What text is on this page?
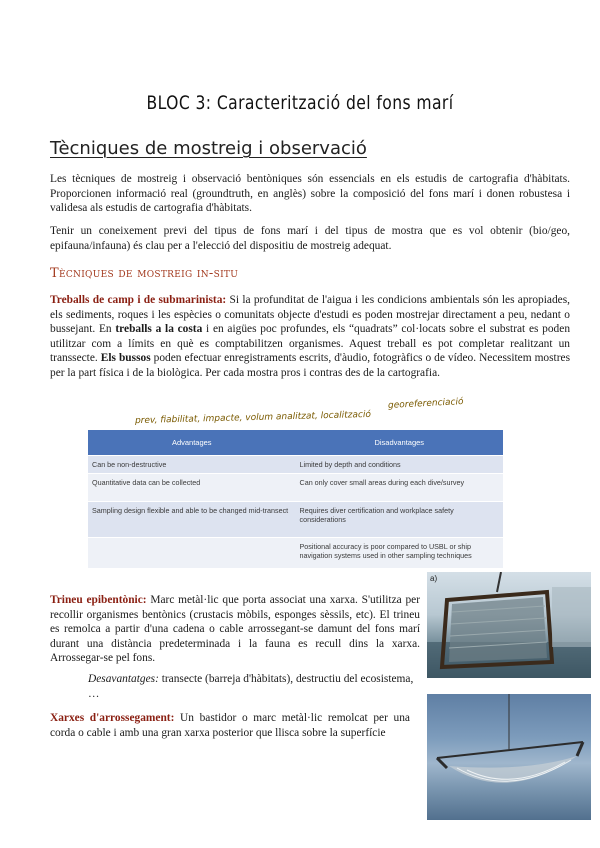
BLOC 3: Caracterització del fons marí
Tècniques de mostreig i observació
Les tècniques de mostreig i observació bentòniques són essencials en els estudis de cartografia d'hàbitats. Proporcionen informació real (groundtruth, en anglès) sobre la composició del fons marí i donen robustesa i validesa als estudis de cartografia d'hàbitats.
Tenir un coneixement previ del tipus de fons marí i del tipus de mostra que es vol obtenir (bio/geo, epifauna/infauna) és clau per a l'elecció del dispositiu de mostreig adequat.
Tècniques de mostreig in-situ
Treballs de camp i de submarinista: Si la profunditat de l'aigua i les condicions ambientals són les apropiades, els sediments, roques i les espècies o comunitats objecte d'estudi es poden mostrejar directament a peu, nedant o bussejant. En treballs a la costa i en aigües poc profundes, els “quadrats” col·locats sobre el substrat es poden utilitzar com a límits en què es comptabilitzen organismes. Aquest treball es pot completar realitzant un transsecte. Els bussos poden efectuar enregistraments escrits, d'àudio, fotogràfics o de vídeo. Necessitem mostres per la part física i de la biològica. Per cada mostra pros i contras des de la cartografia.
prev, fiabilitat, impacte, volum analitzat, localització
georeferenciació
Advantages	Disadvantages
Can be non-destructive	Limited by depth and conditions
Quantitative data can be collected	Can only cover small areas during each dive/survey
Sampling design flexible and able to be changed mid-transect	Requires diver certification and workplace safety considerations
	Positional accuracy is poor compared to USBL or ship navigation systems used in other sampling techniques
Trineu epibentònic: Marc metàl·lic que porta associat una xarxa. S'utilitza per recollir organismes bentònics (crustacis mòbils, esponges sèssils, etc). El trineu es remolca a partir d'una cadena o cable arrossegant-se damunt del fons marí durant una distància predeterminada i la fauna es recull dins la xarxa. Arrossegar-se pel fons.
Desavantatges: transecte (barreja d'hàbitats), destructiu del ecosistema, …
Xarxes d'arrossegament: Un bastidor o marc metàl·lic remolcat per una corda o cable i amb una gran xarxa posterior que llisca sobre la superfície
a)
